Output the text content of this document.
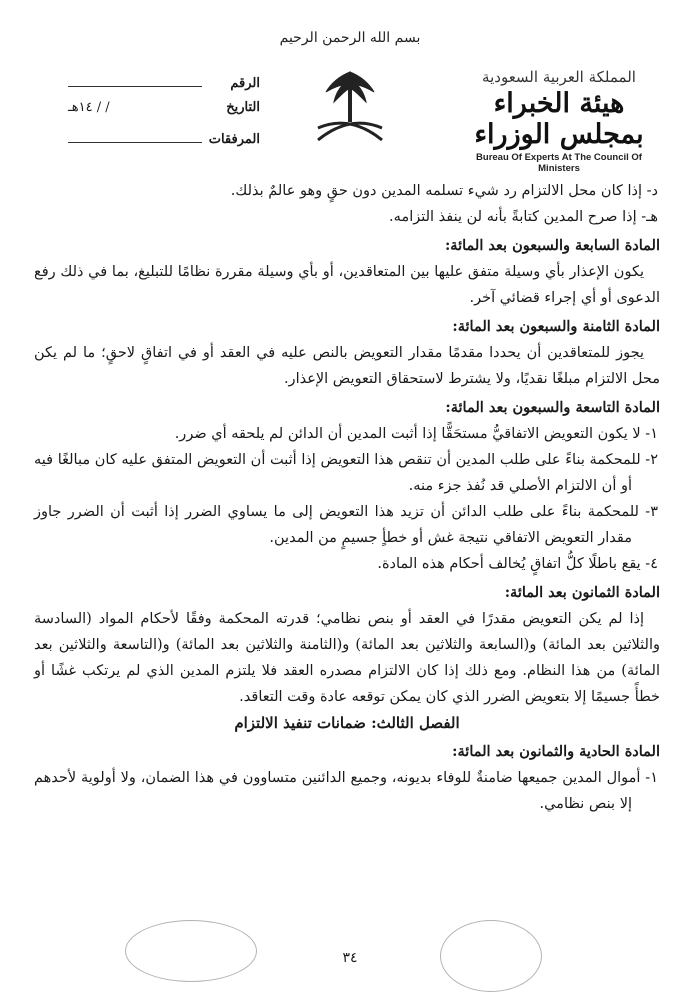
بسم الله الرحمن الرحيم
المملكة العربية السعودية
هيئة الخبراء بمجلس الوزراء
Bureau Of Experts At The Council Of Ministers
الرقم
التاريخ
/ / ١٤هـ
المرفقات

د- إذا كان محل الالتزام رد شيء تسلمه المدين دون حقٍ وهو عالمٌ بذلك.

هـ- إذا صرح المدين كتابةً بأنه لن ينفذ التزامه.

المادة السابعة والسبعون بعد المائة:

يكون الإعذار بأي وسيلة متفق عليها بين المتعاقدين، أو بأي وسيلة مقررة نظامًا للتبليغ، بما في ذلك رفع الدعوى أو أي إجراء قضائي آخر.

المادة الثامنة والسبعون بعد المائة:

يجوز للمتعاقدين أن يحددا مقدمًا مقدار التعويض بالنص عليه في العقد أو في اتفاقٍ لاحقٍ؛ ما لم يكن محل الالتزام مبلغًا نقديًا، ولا يشترط لاستحقاق التعويض الإعذار.

المادة التاسعة والسبعون بعد المائة:

١- لا يكون التعويض الاتفاقيُّ مستحَقًّا إذا أثبت المدين أن الدائن لم يلحقه أي ضرر.

٢- للمحكمة بناءً على طلب المدين أن تنقص هذا التعويض إذا أثبت أن التعويض المتفق عليه كان مبالغًا فيه أو أن الالتزام الأصلي قد نُفذ جزء منه.

٣- للمحكمة بناءً على طلب الدائن أن تزيد هذا التعويض إلى ما يساوي الضرر إذا أثبت أن الضرر جاوز مقدار التعويض الاتفاقي نتيجة غش أو خطأٍ جسيمٍ من المدين.

٤- يقع باطلًا كلُّ اتفاقٍ يُخالف أحكام هذه المادة.

المادة الثمانون بعد المائة:

إذا لم يكن التعويض مقدرًا في العقد أو بنص نظامي؛ قدرته المحكمة وفقًا لأحكام المواد (السادسة والثلاثين بعد المائة) و(السابعة والثلاثين بعد المائة) و(الثامنة والثلاثين بعد المائة) و(التاسعة والثلاثين بعد المائة) من هذا النظام. ومع ذلك إذا كان الالتزام مصدره العقد فلا يلتزم المدين الذي لم يرتكب غشًا أو خطأً جسيمًا إلا بتعويض الضرر الذي كان يمكن توقعه عادة وقت التعاقد.

الفصل الثالث: ضمانات تنفيذ الالتزام

المادة الحادية والثمانون بعد المائة:

١- أموال المدين جميعها ضامنةٌ للوفاء بديونه، وجميع الدائنين متساوون في هذا الضمان، ولا أولوية لأحدهم إلا بنص نظامي.

٣٤
